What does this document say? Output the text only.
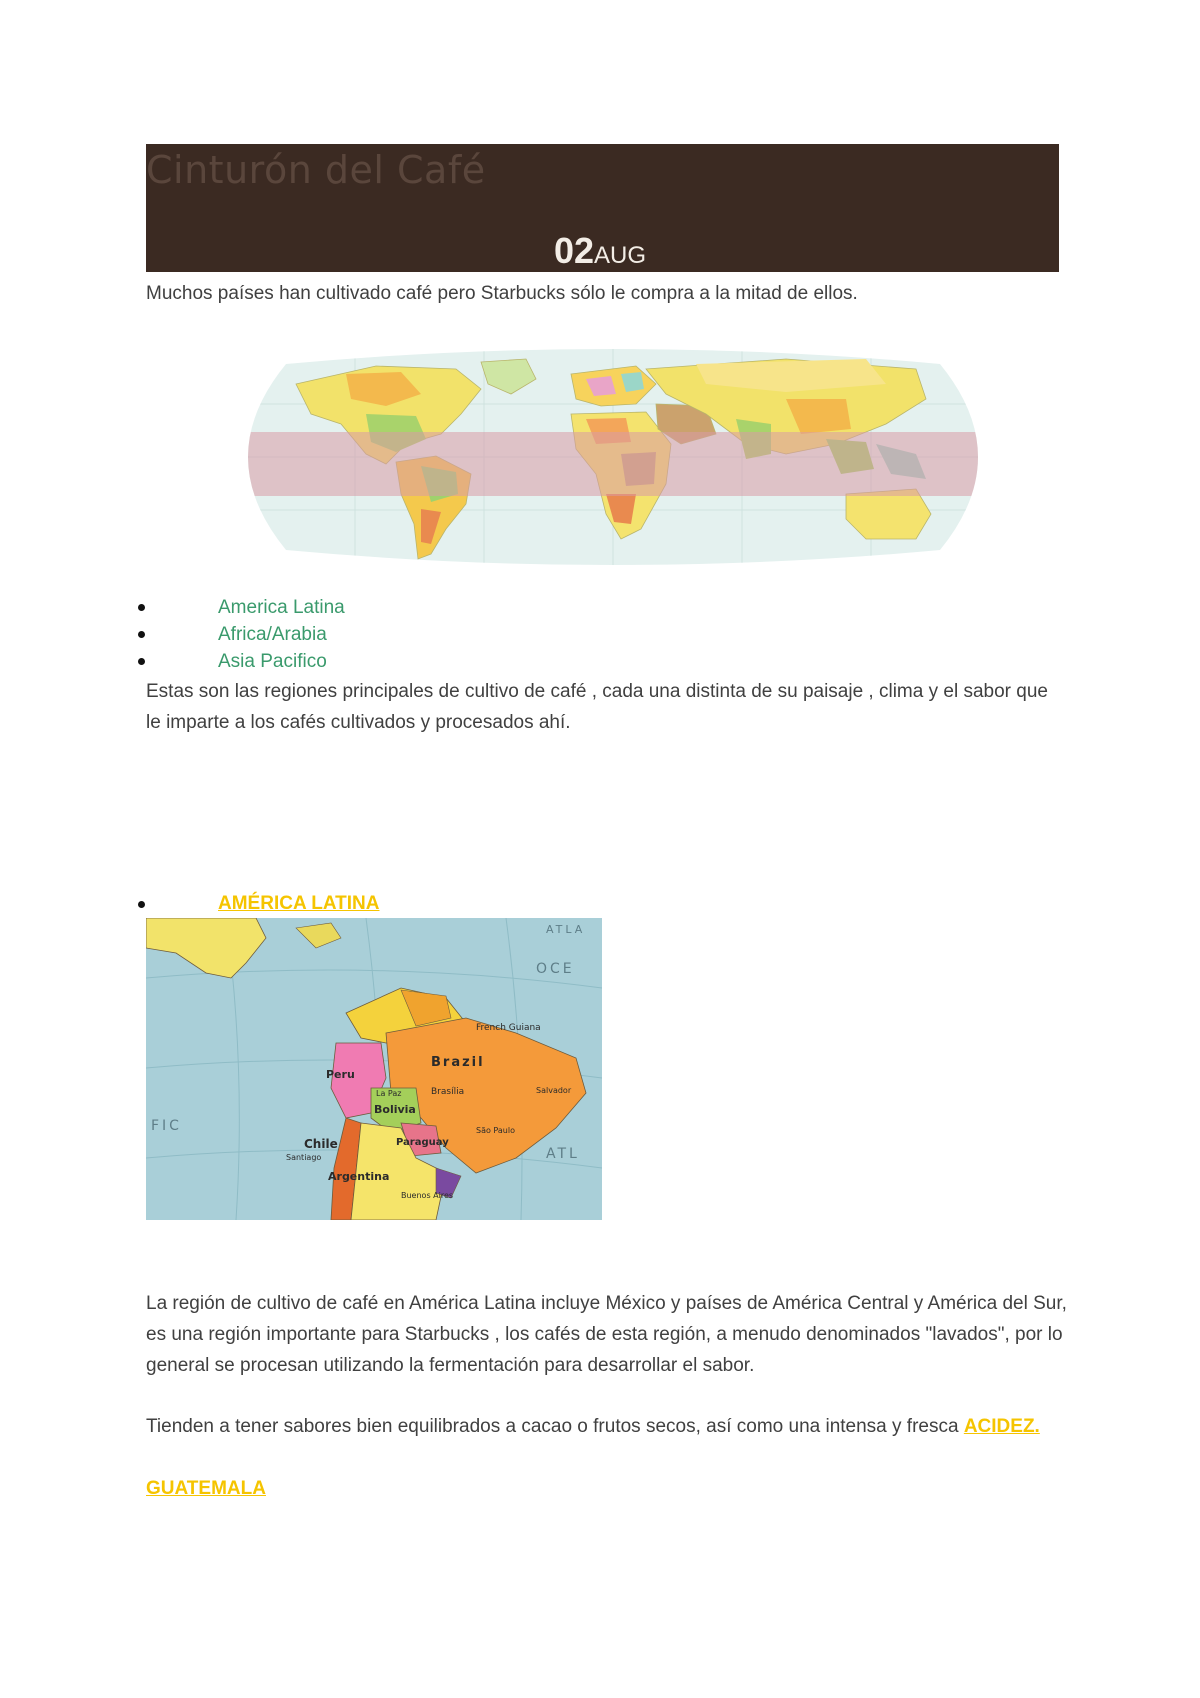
Cinturón del Café
02AUG
Muchos países han cultivado café pero Starbucks sólo le compra a la mitad de ellos.
America Latina
Africa/Arabia
Asia Pacifico
Estas son las regiones principales de cultivo de café , cada una distinta de su paisaje , clima y el sabor que le imparte a los cafés cultivados y procesados ahí.
AMÉRICA LATINA
Brazil
Bolivia
Paraguay
Chile
Argentina
Peru
French Guiana
Brasília
La Paz
Santiago
Buenos Aires
Salvador
São Paulo
OCE
ATLA
ATL
FIC
La región de cultivo de café en América Latina incluye México y países de América Central y América del Sur, es una región importante para Starbucks , los cafés de esta región, a menudo denominados "lavados", por lo general se procesan utilizando la fermentación para desarrollar el sabor.
Tienden a tener sabores bien equilibrados a cacao o frutos secos, así como una intensa y fresca ACIDEZ.
GUATEMALA
